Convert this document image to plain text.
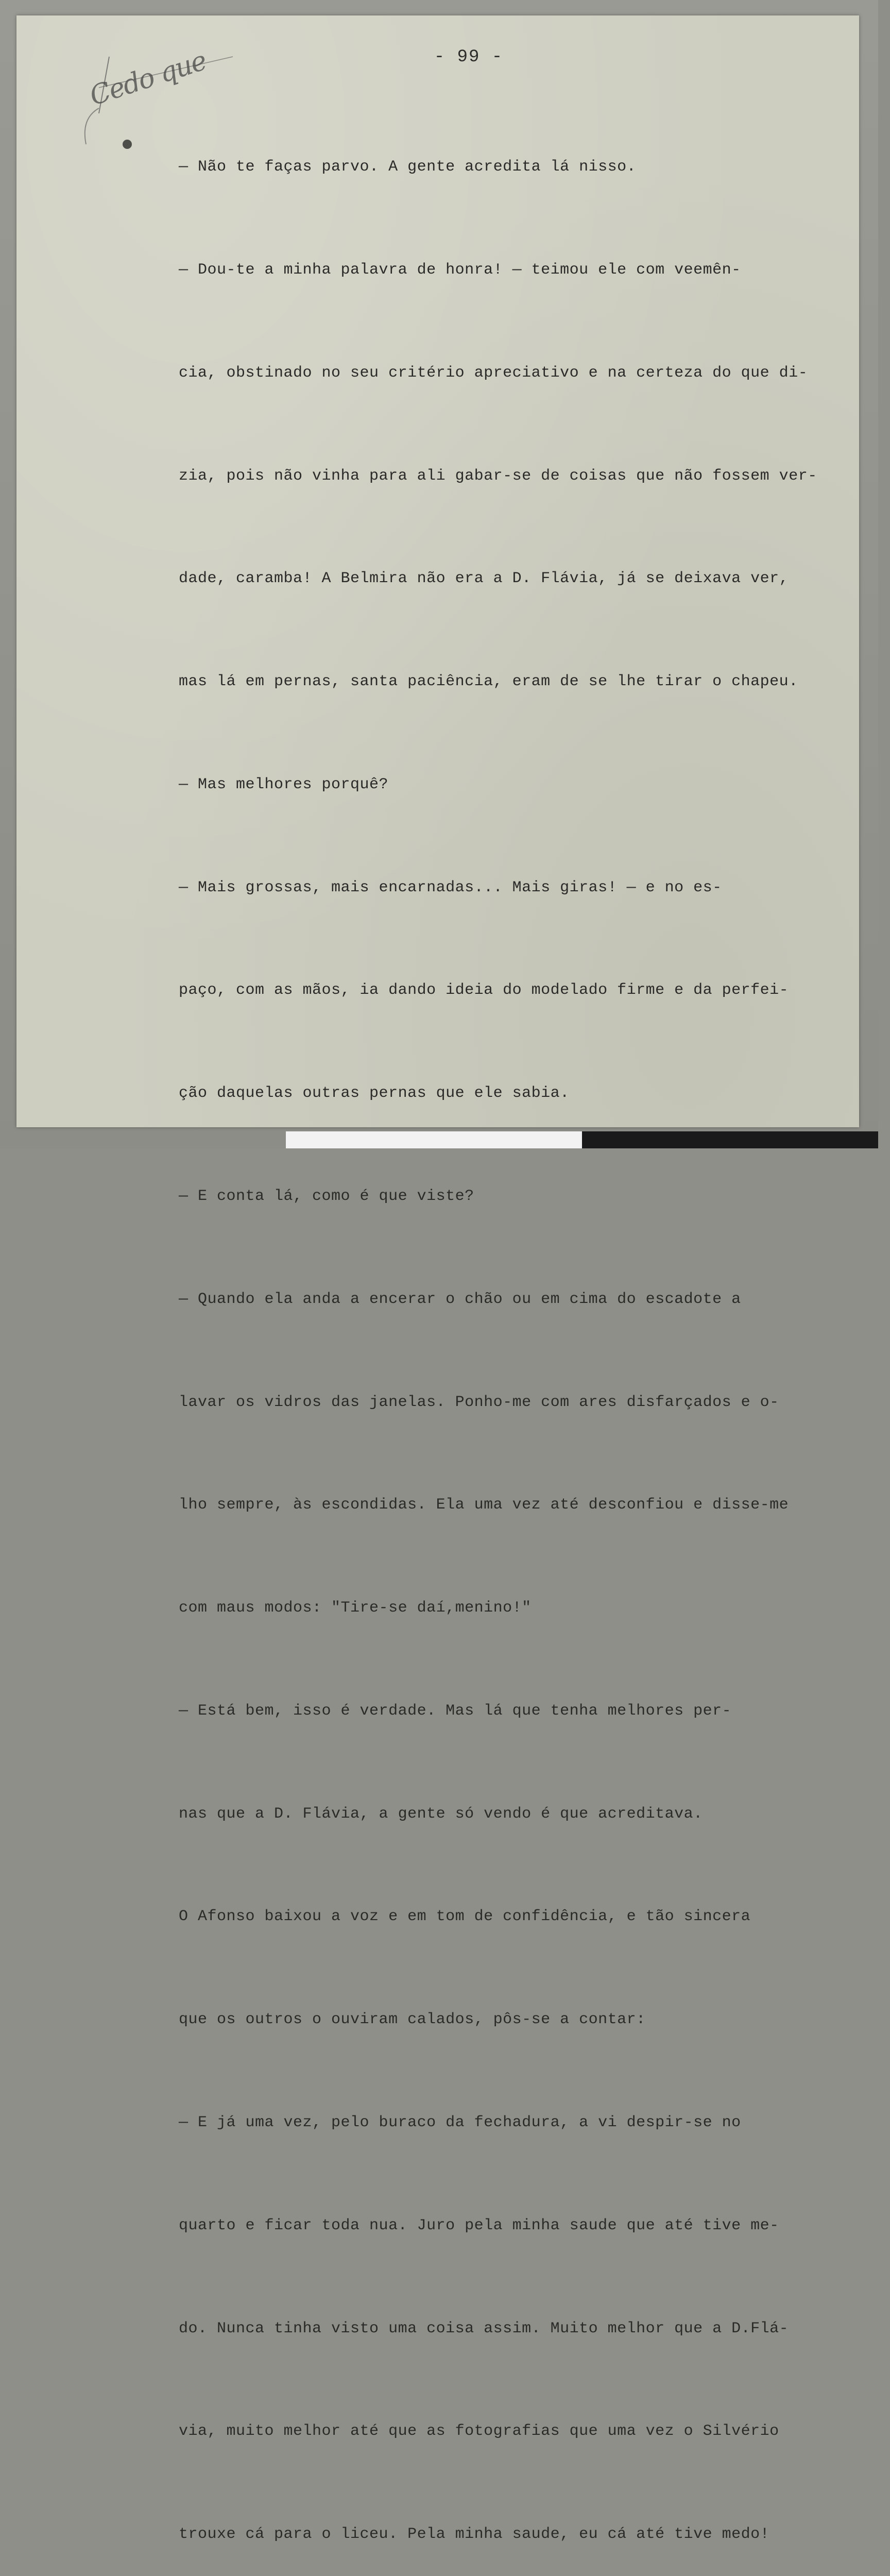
- 99 -
Cedo que

— Não te faças parvo. A gente acredita lá nisso.

— Dou-te a minha palavra de honra! — teimou ele com veemên-

cia, obstinado no seu critério apreciativo e na certeza do que di-

zia, pois não vinha para ali gabar-se de coisas que não fossem ver-

dade, caramba! A Belmira não era a D. Flávia, já se deixava ver,

mas lá em pernas, santa paciência, eram de se lhe tirar o chapeu.

— Mas melhores porquê?

— Mais grossas, mais encarnadas... Mais giras! — e no es-

paço, com as mãos, ia dando ideia do modelado firme e da perfei-

ção daquelas outras pernas que ele sabia.

— E conta lá, como é que viste?

— Quando ela anda a encerar o chão ou em cima do escadote a

lavar os vidros das janelas. Ponho-me com ares disfarçados e o-

lho sempre, às escondidas. Ela uma vez até desconfiou e disse-me

com maus modos: "Tire-se daí,menino!"

— Está bem, isso é verdade. Mas lá que tenha melhores per-

nas que a D. Flávia, a gente só vendo é que acreditava.

O Afonso baixou a voz e em tom de confidência, e tão sincera

que os outros o ouviram calados, pôs-se a contar:

— E já uma vez, pelo buraco da fechadura, a vi despir-se no

quarto e ficar toda nua. Juro pela minha saude que até tive me-

do. Nunca tinha visto uma coisa assim. Muito melhor que a D.Flá-

via, muito melhor até que as fotografias que uma vez o Silvério

trouxe cá para o liceu. Pela minha saude, eu cá até tive medo!
